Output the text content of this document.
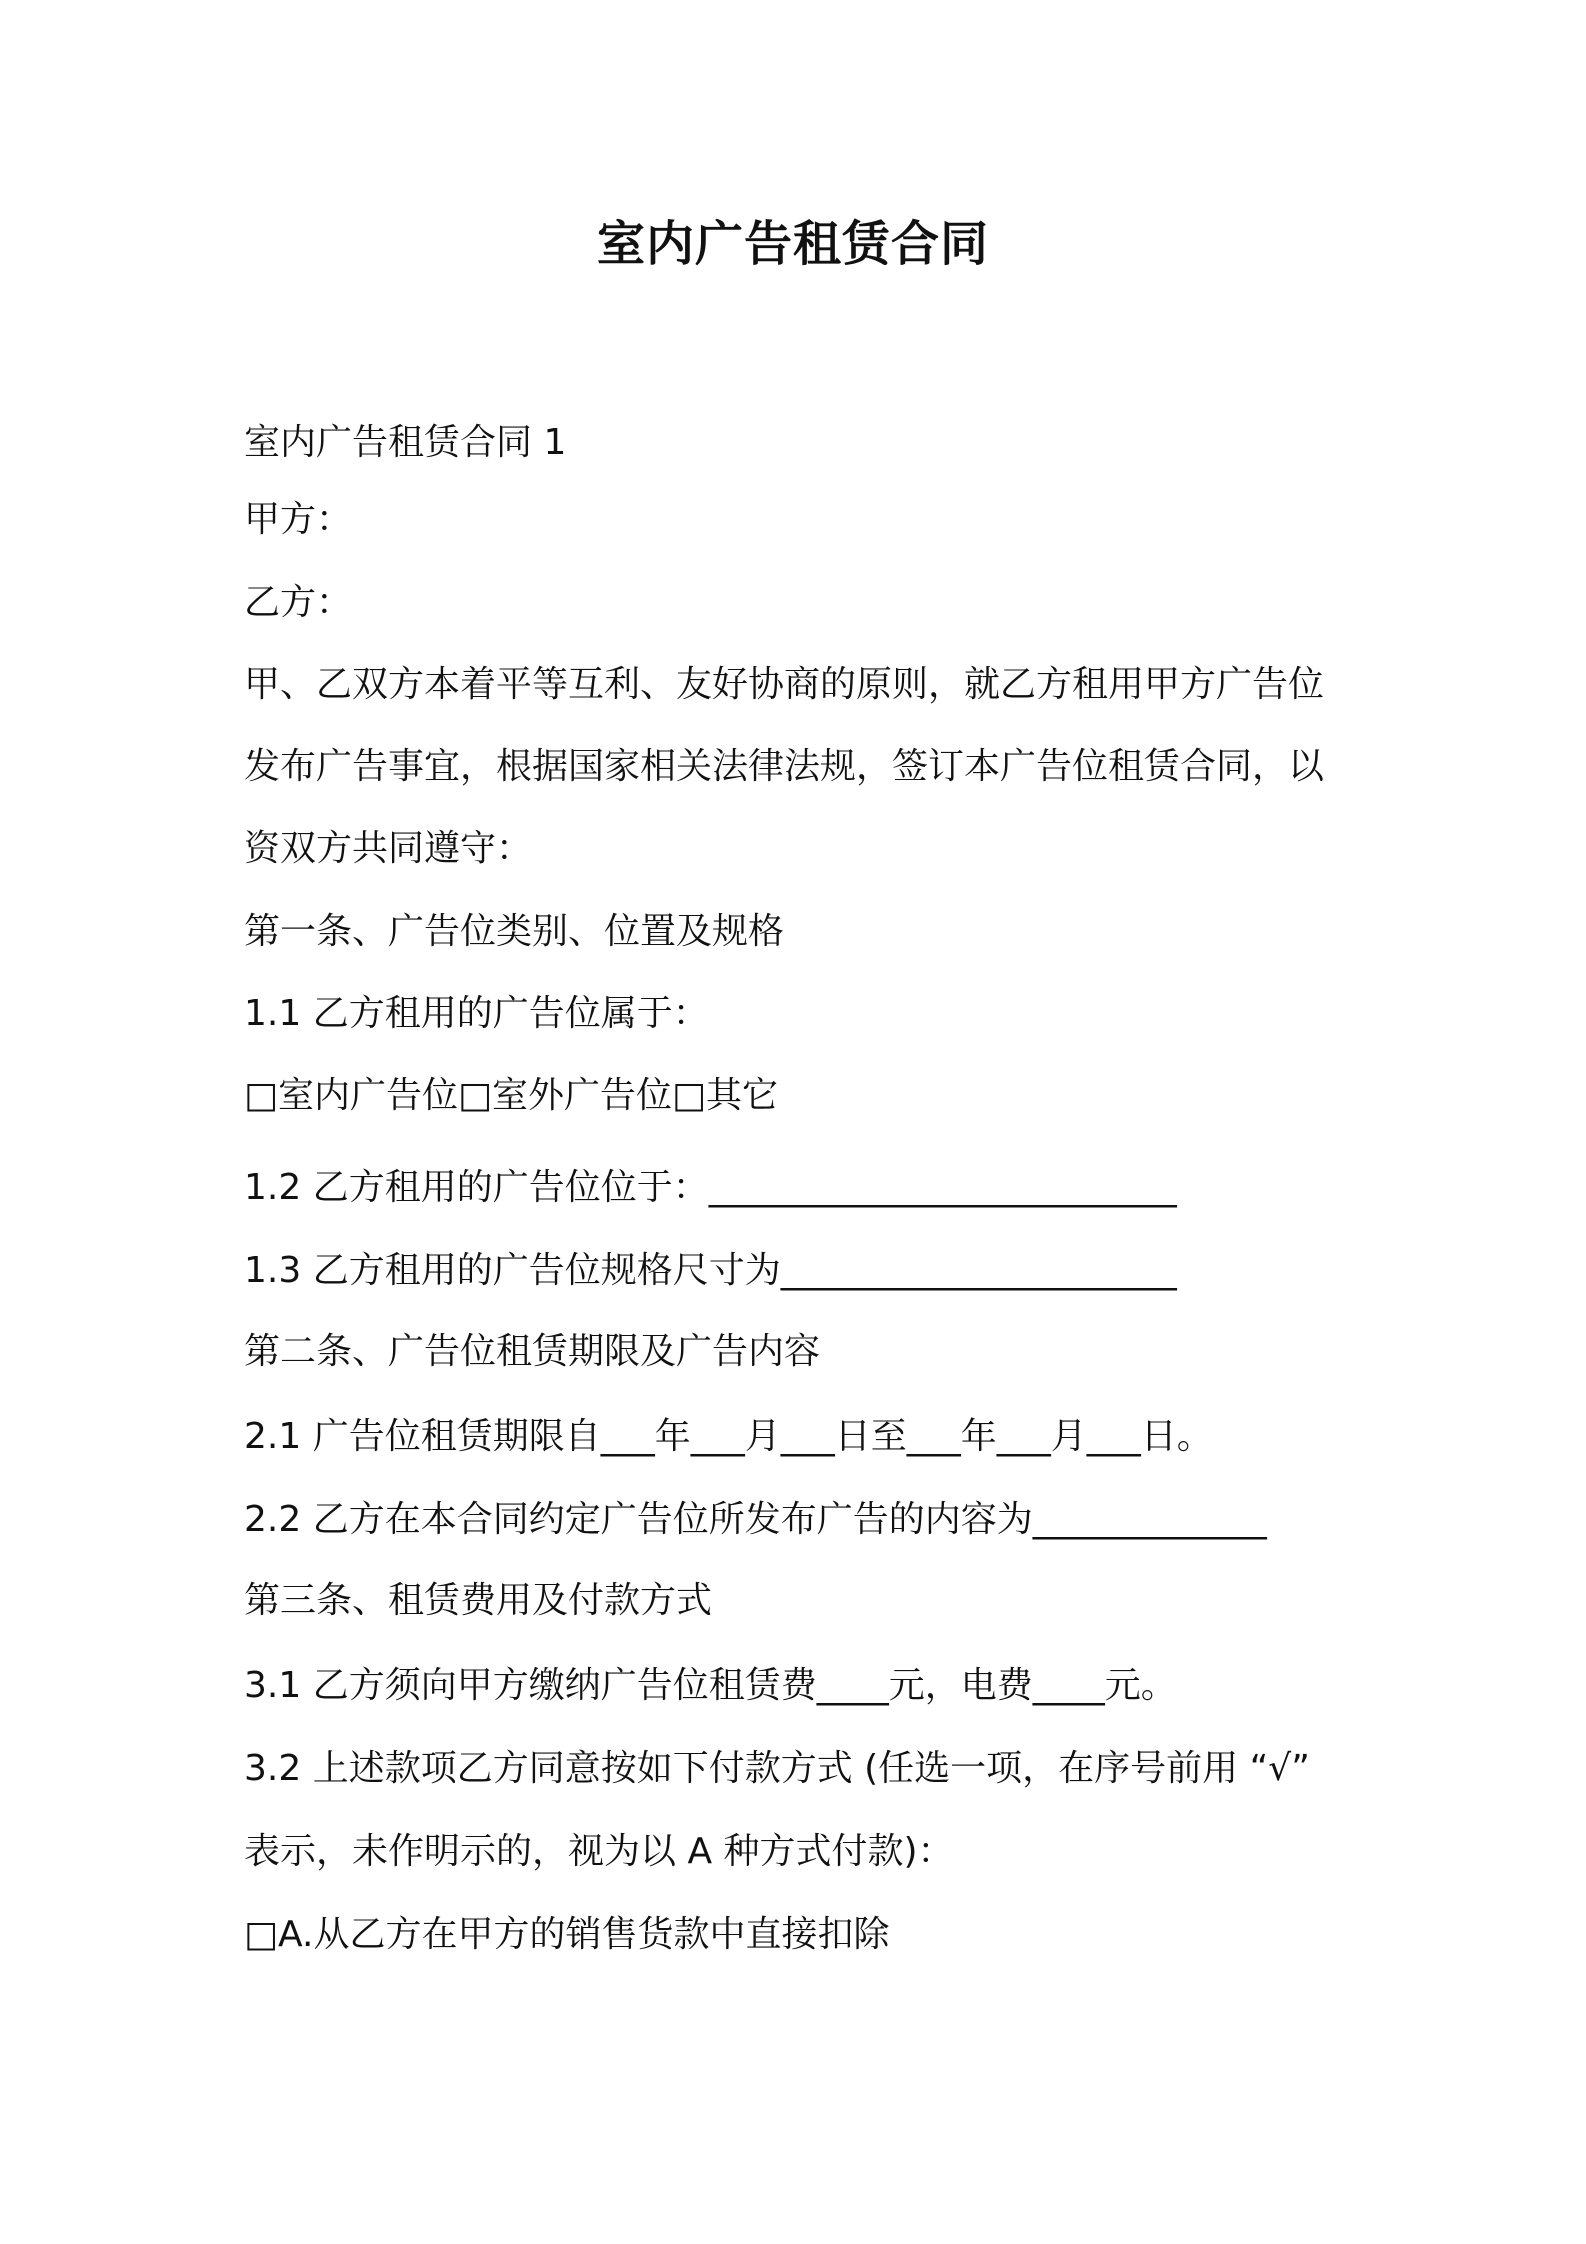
室内广告租赁合同

室内广告租赁合同 1

甲方：

乙方：

甲、乙双方本着平等互利、友好协商的原则，就乙方租用甲方广告位

发布广告事宜，根据国家相关法律法规，签订本广告位租赁合同，以

资双方共同遵守：

第一条、广告位类别、位置及规格

1.1 乙方租用的广告位属于：

□室内广告位□室外广告位□其它

1.2 乙方租用的广告位位于：__________________________

1.3 乙方租用的广告位规格尺寸为______________________

第二条、广告位租赁期限及广告内容

2.1 广告位租赁期限自___年___月___日至___年___月___日。

2.2 乙方在本合同约定广告位所发布广告的内容为_____________

第三条、租赁费用及付款方式

3.1 乙方须向甲方缴纳广告位租赁费____元，电费____元。

3.2 上述款项乙方同意按如下付款方式 (任选一项，在序号前用 “√”

表示，未作明示的，视为以 A 种方式付款)：

□A.从乙方在甲方的销售货款中直接扣除
